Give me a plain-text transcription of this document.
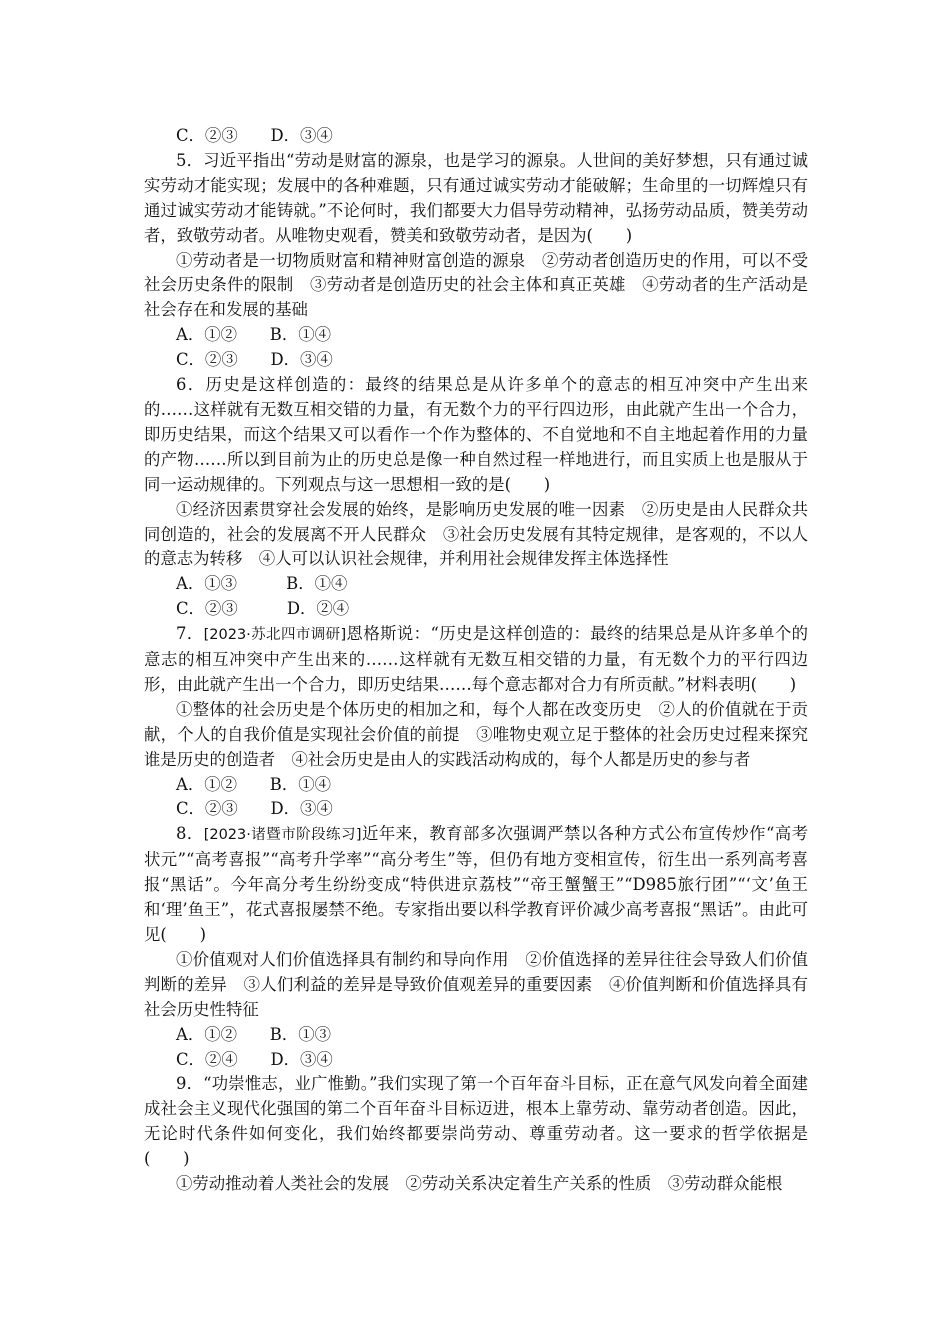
C．②③　　D．③④

5．习近平指出“劳动是财富的源泉，也是学习的源泉。人世间的美好梦想，只有通过诚实劳动才能实现；发展中的各种难题，只有通过诚实劳动才能破解；生命里的一切辉煌只有通过诚实劳动才能铸就。”不论何时，我们都要大力倡导劳动精神，弘扬劳动品质，赞美劳动者，致敬劳动者。从唯物史观看，赞美和致敬劳动者，是因为(　　)

①劳动者是一切物质财富和精神财富创造的源泉　②劳动者创造历史的作用，可以不受社会历史条件的限制　③劳动者是创造历史的社会主体和真正英雄　④劳动者的生产活动是社会存在和发展的基础

A．①②　　B．①④

C．②③　　D．③④

6．历史是这样创造的：最终的结果总是从许多单个的意志的相互冲突中产生出来的……这样就有无数互相交错的力量，有无数个力的平行四边形，由此就产生出一个合力，即历史结果，而这个结果又可以看作一个作为整体的、不自觉地和不自主地起着作用的力量的产物……所以到目前为止的历史总是像一种自然过程一样地进行，而且实质上也是服从于同一运动规律的。下列观点与这一思想相一致的是(　　)

①经济因素贯穿社会发展的始终，是影响历史发展的唯一因素　②历史是由人民群众共同创造的，社会的发展离不开人民群众　③社会历史发展有其特定规律，是客观的，不以人的意志为转移　④人可以认识社会规律，并利用社会规律发挥主体选择性

A．①③　　　B．①④

C．②③　　　D．②④

7．[2023·苏北四市调研]恩格斯说：“历史是这样创造的：最终的结果总是从许多单个的意志的相互冲突中产生出来的……这样就有无数互相交错的力量，有无数个力的平行四边形，由此就产生出一个合力，即历史结果……每个意志都对合力有所贡献。”材料表明(　　)

①整体的社会历史是个体历史的相加之和，每个人都在改变历史　②人的价值就在于贡献，个人的自我价值是实现社会价值的前提　③唯物史观立足于整体的社会历史过程来探究谁是历史的创造者　④社会历史是由人的实践活动构成的，每个人都是历史的参与者

A．①②　　B．①④

C．②③　　D．③④

8．[2023·诸暨市阶段练习]近年来，教育部多次强调严禁以各种方式公布宣传炒作“高考状元”“高考喜报”“高考升学率”“高分考生”等，但仍有地方变相宣传，衍生出一系列高考喜报“黑话”。今年高分考生纷纷变成“特供进京荔枝”“帝王蟹蟹王”“D985旅行团”“‘文’鱼王和‘理’鱼王”，花式喜报屡禁不绝。专家指出要以科学教育评价减少高考喜报“黑话”。由此可见(　　)

①价值观对人们价值选择具有制约和导向作用　②价值选择的差异往往会导致人们价值判断的差异　③人们利益的差异是导致价值观差异的重要因素　④价值判断和价值选择具有社会历史性特征

A．①②　　B．①③

C．②④　　D．③④

9．“功崇惟志，业广惟勤。”我们实现了第一个百年奋斗目标，正在意气风发向着全面建成社会主义现代化强国的第二个百年奋斗目标迈进，根本上靠劳动、靠劳动者创造。因此，无论时代条件如何变化，我们始终都要崇尚劳动、尊重劳动者。这一要求的哲学依据是(　　)

①劳动推动着人类社会的发展　②劳动关系决定着生产关系的性质　③劳动群众能根
